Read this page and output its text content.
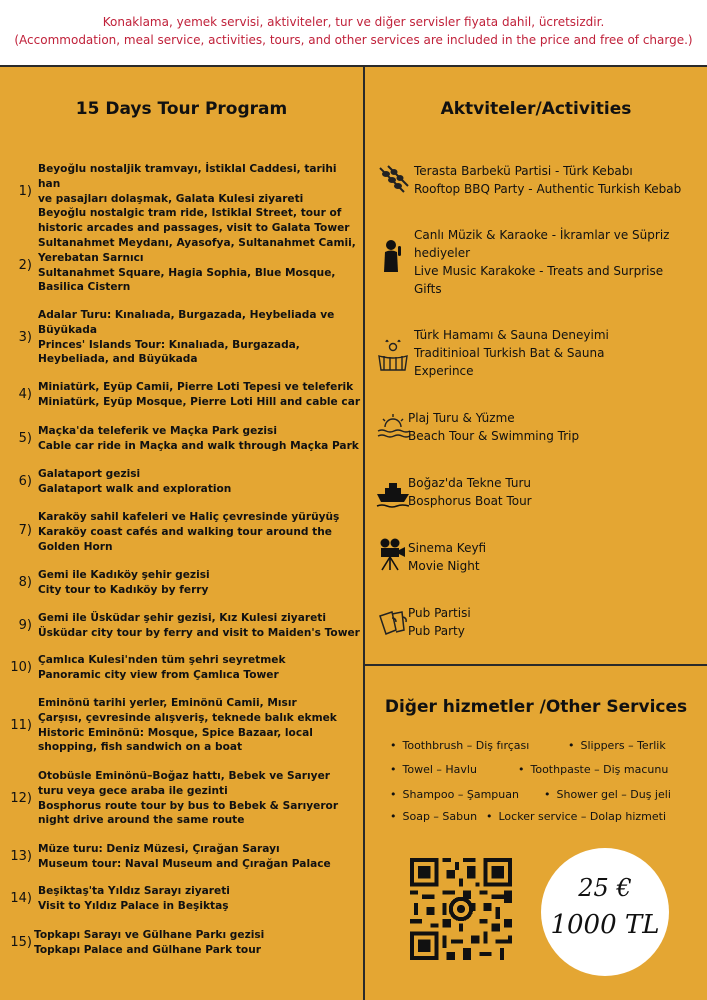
Konaklama, yemek servisi, aktiviteler, tur ve diğer servisler fiyata dahil, ücretsizdir.
(Accommodation, meal service, activities, tours, and other services are included in the price and free of charge.)
15 Days Tour Program	Aktviteler/Activities
Diğer hizmetler /Other Services
1)
Beyoğlu nostaljik tramvayı, İstiklal Caddesi, tarihi han
ve pasajları dolaşmak, Galata Kulesi ziyareti
Beyoğlu nostalgic tram ride, Istiklal Street, tour of
historic arcades and passages, visit to Galata Tower
2)
Sultanahmet Meydanı, Ayasofya, Sultanahmet Camii,
Yerebatan Sarnıcı
Sultanahmet Square, Hagia Sophia, Blue Mosque,
Basilica Cistern
3)
Adalar Turu: Kınalıada, Burgazada, Heybeliada ve
Büyükada
Princes' Islands Tour: Kınalıada, Burgazada,
Heybeliada, and Büyükada
4) Miniatürk, Eyüp Camii, Pierre Loti Tepesi ve teleferik
Miniatürk, Eyüp Mosque, Pierre Loti Hill and cable car
5) Maçka'da teleferik ve Maçka Park gezisi
Cable car ride in Maçka and walk through Maçka Park
6) Galataport gezisi
Galataport walk and exploration
7)
Karaköy sahil kafeleri ve Haliç çevresinde yürüyüş
Karaköy coast cafés and walking tour around the
Golden Horn
8) Gemi ile Kadıköy şehir gezisi
City tour to Kadıköy by ferry
9) Gemi ile Üsküdar şehir gezisi, Kız Kulesi ziyareti
Üsküdar city tour by ferry and visit to Maiden's Tower
10) Çamlıca Kulesi'nden tüm şehri seyretmek
Panoramic city view from Çamlıca Tower
11)
Eminönü tarihi yerler, Eminönü Camii, Mısır
Çarşısı, çevresinde alışveriş, teknede balık ekmek
Historic Eminönü: Mosque, Spice Bazaar, local
shopping, fish sandwich on a boat
12)
Otobüsle Eminönü–Boğaz hattı, Bebek ve Sarıyer
turu veya gece araba ile gezinti
Bosphorus route tour by bus to Bebek & Sarıyeror
night drive around the same route
13) Müze turu: Deniz Müzesi, Çırağan Sarayı
Museum tour: Naval Museum and Çırağan Palace
14) Beşiktaş'ta Yıldız Sarayı ziyareti
Visit to Yıldız Palace in Beşiktaş
15) Topkapı Sarayı ve Gülhane Parkı gezisi
Topkapı Palace and Gülhane Park tour
Terasta Barbekü Partisi - Türk Kebabı
Rooftop BBQ Party - Authentic Turkish Kebab
Canlı Müzik & Karaoke - İkramlar ve Süpriz
hediyeler
Live Music Karakoke - Treats and Surprise
Gifts
Türk Hamamı & Sauna Deneyimi
Traditinioal Turkish Bat & Sauna
Experince
Plaj Turu & Yüzme
Beach Tour & Swimming Trip
Boğaz'da Tekne Turu
Bosphorus Boat Tour
Sinema Keyfi
Movie Night
Pub Partisi
Pub Party
• Toothbrush – Diş fırçası	• Slippers – Terlik
• Towel – Havlu	• Toothpaste – Diş macunu
• Shampoo – Şampuan	• Shower gel – Duş jeli
• Soap – Sabun	• Locker service – Dolap hizmeti
25 €
1000 TL
